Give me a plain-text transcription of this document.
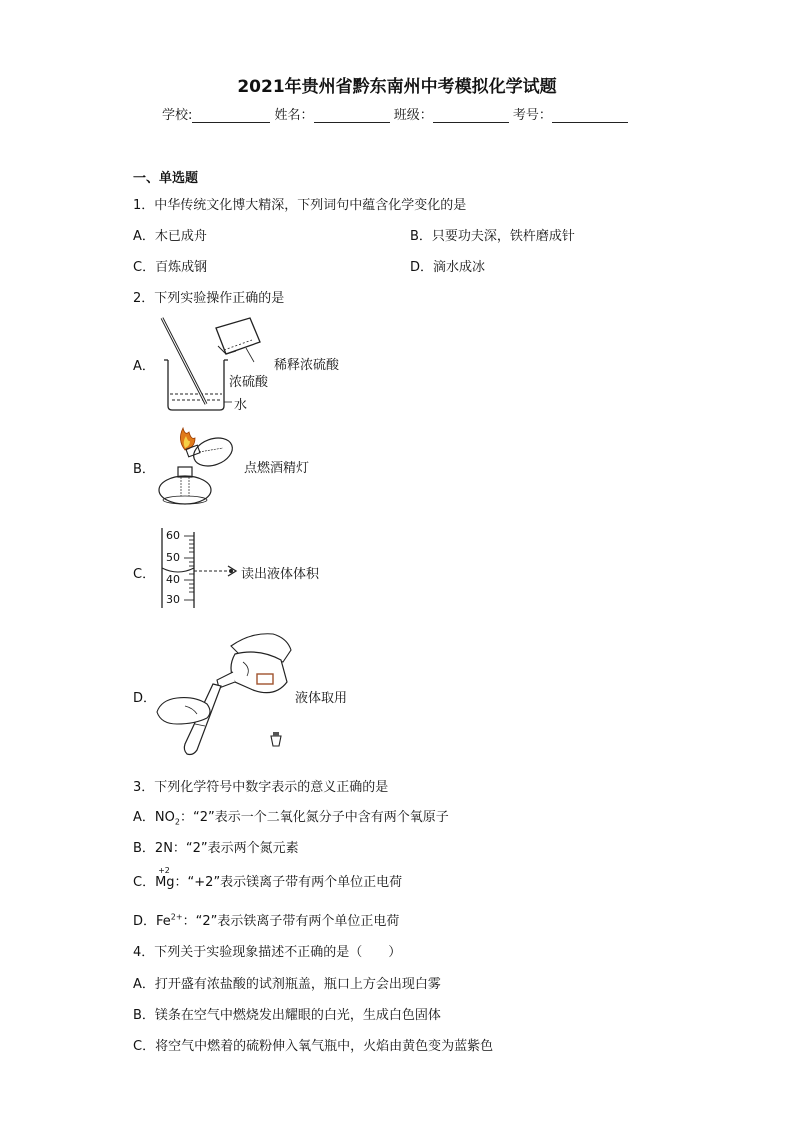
2021年贵州省黔东南州中考模拟化学试题
学校:	姓名：	班级：	考号：
一、单选题
1．中华传统文化博大精深，下列词句中蕴含化学变化的是
A．木已成舟	B．只要功夫深，铁杵磨成针
C．百炼成钢	D．滴水成冰
2．下列实验操作正确的是
A．	稀释浓硫酸
浓硫酸
水
B．	点燃酒精灯
C．
60
50
40
30
读出液体体积
D．	液体取用
3．下列化学符号中数字表示的意义正确的是
A．$NO_2$：“2”表示一个二氧化氮分子中含有两个氧原子
B．2N：“2”表示两个氮元素
C．
+2
Mg：“+2”表示镁离子带有两个单位正电荷
D．$Fe^{2+}$：“2”表示铁离子带有两个单位正电荷
4．下列关于实验现象描述不正确的是（　　）
A．打开盛有浓盐酸的试剂瓶盖，瓶口上方会出现白雾
B．镁条在空气中燃烧发出耀眼的白光，生成白色固体
C．将空气中燃着的硫粉伸入氧气瓶中，火焰由黄色变为蓝紫色
